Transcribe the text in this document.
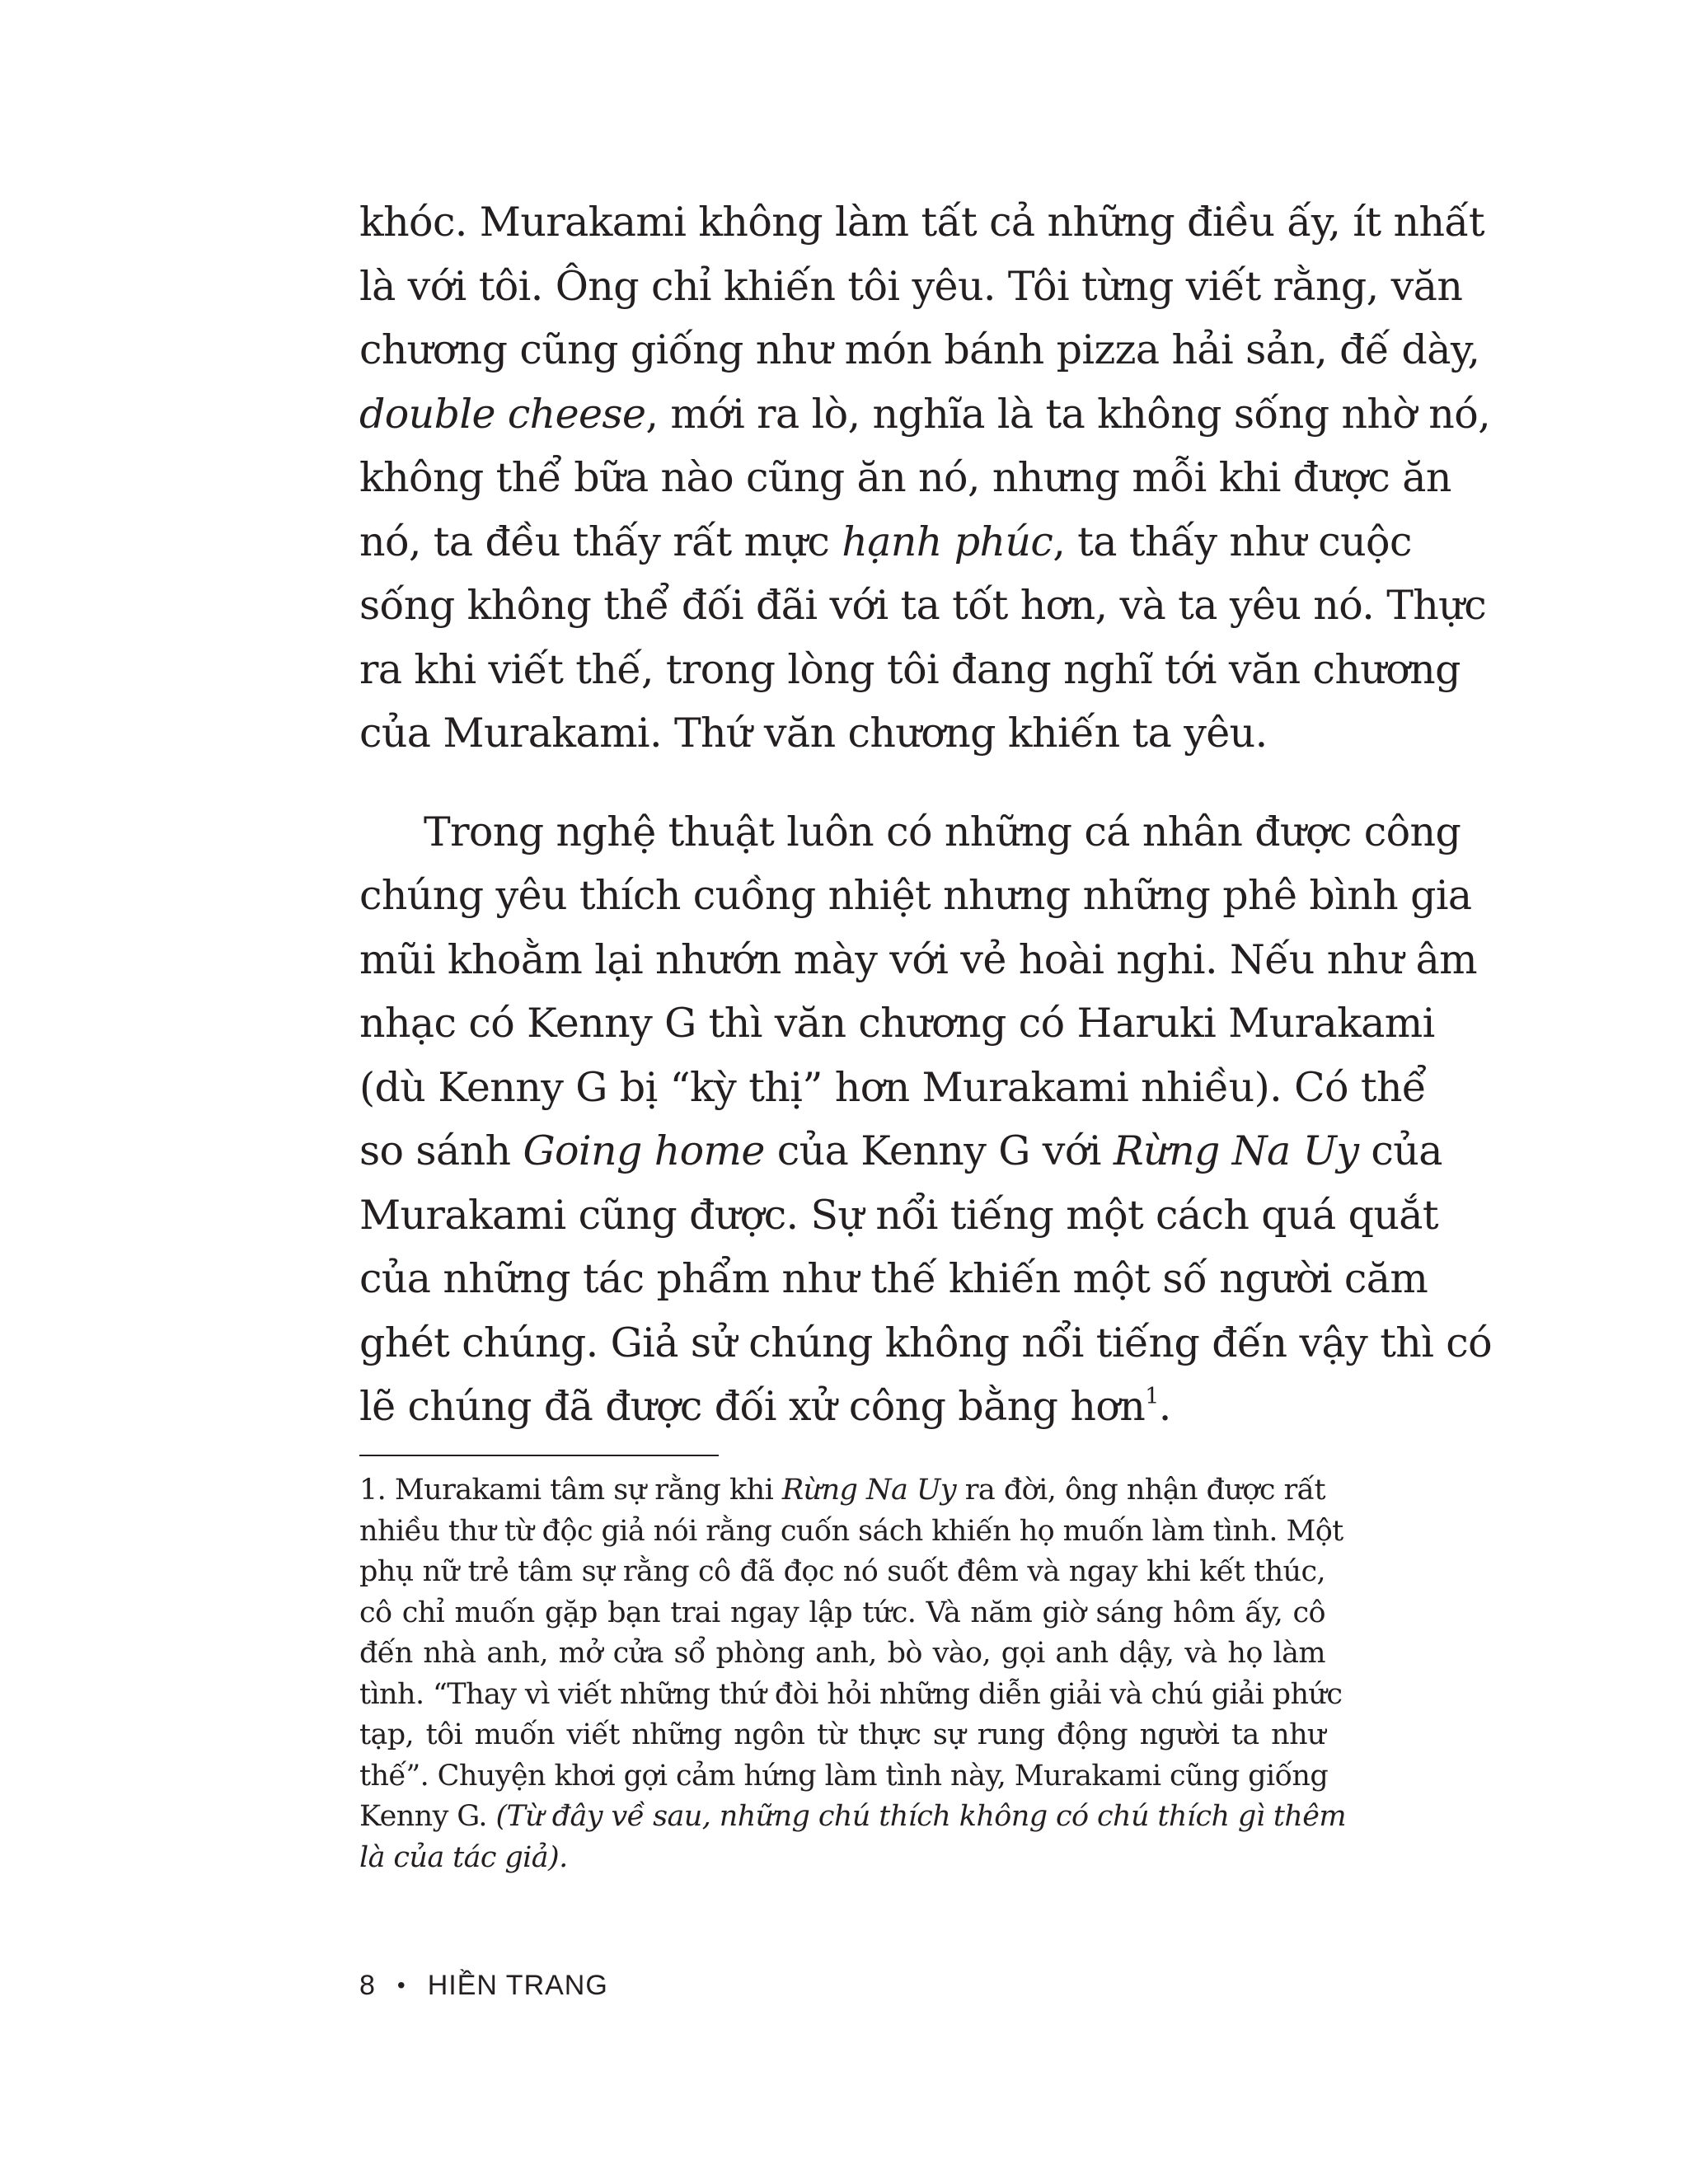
khóc. Murakami không làm tất cả những điều ấy, ít nhất
là với tôi. Ông chỉ khiến tôi yêu. Tôi từng viết rằng, văn
chương cũng giống như món bánh pizza hải sản, đế dày,
double cheese, mới ra lò, nghĩa là ta không sống nhờ nó,
không thể bữa nào cũng ăn nó, nhưng mỗi khi được ăn
nó, ta đều thấy rất mực hạnh phúc, ta thấy như cuộc
sống không thể đối đãi với ta tốt hơn, và ta yêu nó. Thực
ra khi viết thế, trong lòng tôi đang nghĩ tới văn chương
của Murakami. Thứ văn chương khiến ta yêu.

Trong nghệ thuật luôn có những cá nhân được công
chúng yêu thích cuồng nhiệt nhưng những phê bình gia
mũi khoằm lại nhướn mày với vẻ hoài nghi. Nếu như âm
nhạc có Kenny G thì văn chương có Haruki Murakami
(dù Kenny G bị “kỳ thị” hơn Murakami nhiều). Có thể
so sánh Going home của Kenny G với Rừng Na Uy của
Murakami cũng được. Sự nổi tiếng một cách quá quắt
của những tác phẩm như thế khiến một số người căm
ghét chúng. Giả sử chúng không nổi tiếng đến vậy thì có
lẽ chúng đã được đối xử công bằng hơn$^1$.

1. Murakami tâm sự rằng khi Rừng Na Uy ra đời, ông nhận được rất
nhiều thư từ độc giả nói rằng cuốn sách khiến họ muốn làm tình. Một
phụ nữ trẻ tâm sự rằng cô đã đọc nó suốt đêm và ngay khi kết thúc,
cô chỉ muốn gặp bạn trai ngay lập tức. Và năm giờ sáng hôm ấy, cô
đến nhà anh, mở cửa sổ phòng anh, bò vào, gọi anh dậy, và họ làm
tình. “Thay vì viết những thứ đòi hỏi những diễn giải và chú giải phức
tạp, tôi muốn viết những ngôn từ thực sự rung động người ta như
thế”. Chuyện khơi gợi cảm hứng làm tình này, Murakami cũng giống
Kenny G. (Từ đây về sau, những chú thích không có chú thích gì thêm
là của tác giả).
8 • HIỀN TRANG
